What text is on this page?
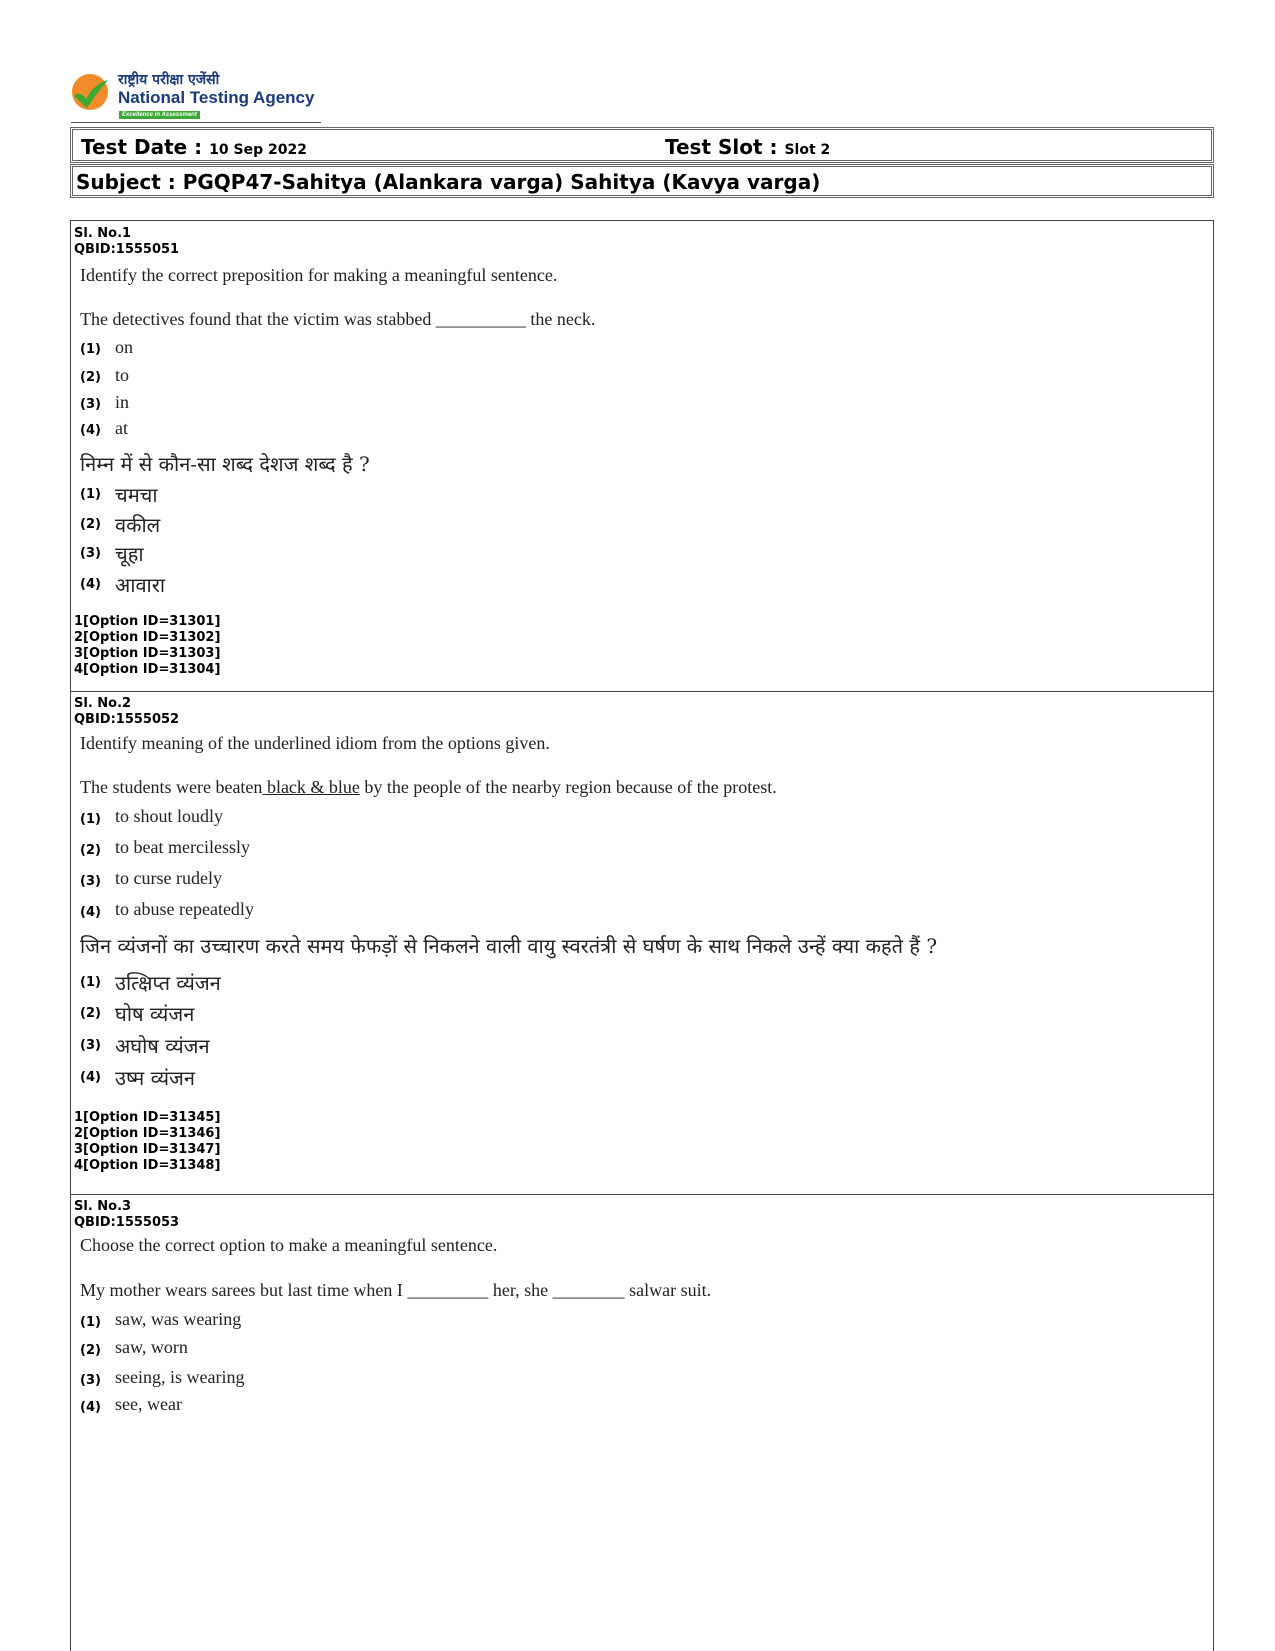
राष्ट्रीय परीक्षा एजेंसी
National Testing Agency
Excellence in Assessment
Test Date : 10 Sep 2022	Test Slot : Slot 2
Subject : PGQP47-Sahitya (Alankara varga) Sahitya (Kavya varga)
Sl. No.1
QBID:1555051
Identify the correct preposition for making a meaningful sentence.
The detectives found that the victim was stabbed __________ the neck.
(1) on
(2) to
(3) in
(4) at
निम्न में से कौन-सा शब्द देशज शब्द है ?
(1) चमचा
(2) वकील
(3) चूहा
(4) आवारा
1[Option ID=31301]
2[Option ID=31302]
3[Option ID=31303]
4[Option ID=31304]
Sl. No.2
QBID:1555052
Identify meaning of the underlined idiom from the options given.
The students were beaten black & blue by the people of the nearby region because of the protest.
(1) to shout loudly
(2) to beat mercilessly
(3) to curse rudely
(4) to abuse repeatedly
जिन व्यंजनों का उच्चारण करते समय फेफड़ों से निकलने वाली वायु स्वरतंत्री से घर्षण के साथ निकले उन्हें क्या कहते हैं ?
(1) उत्क्षिप्त व्यंजन
(2) घोष व्यंजन
(3) अघोष व्यंजन
(4) उष्म व्यंजन
1[Option ID=31345]
2[Option ID=31346]
3[Option ID=31347]
4[Option ID=31348]
Sl. No.3
QBID:1555053
Choose the correct option to make a meaningful sentence.
My mother wears sarees but last time when I _________ her, she ________ salwar suit.
(1) saw, was wearing
(2) saw, worn
(3) seeing, is wearing
(4) see, wear
